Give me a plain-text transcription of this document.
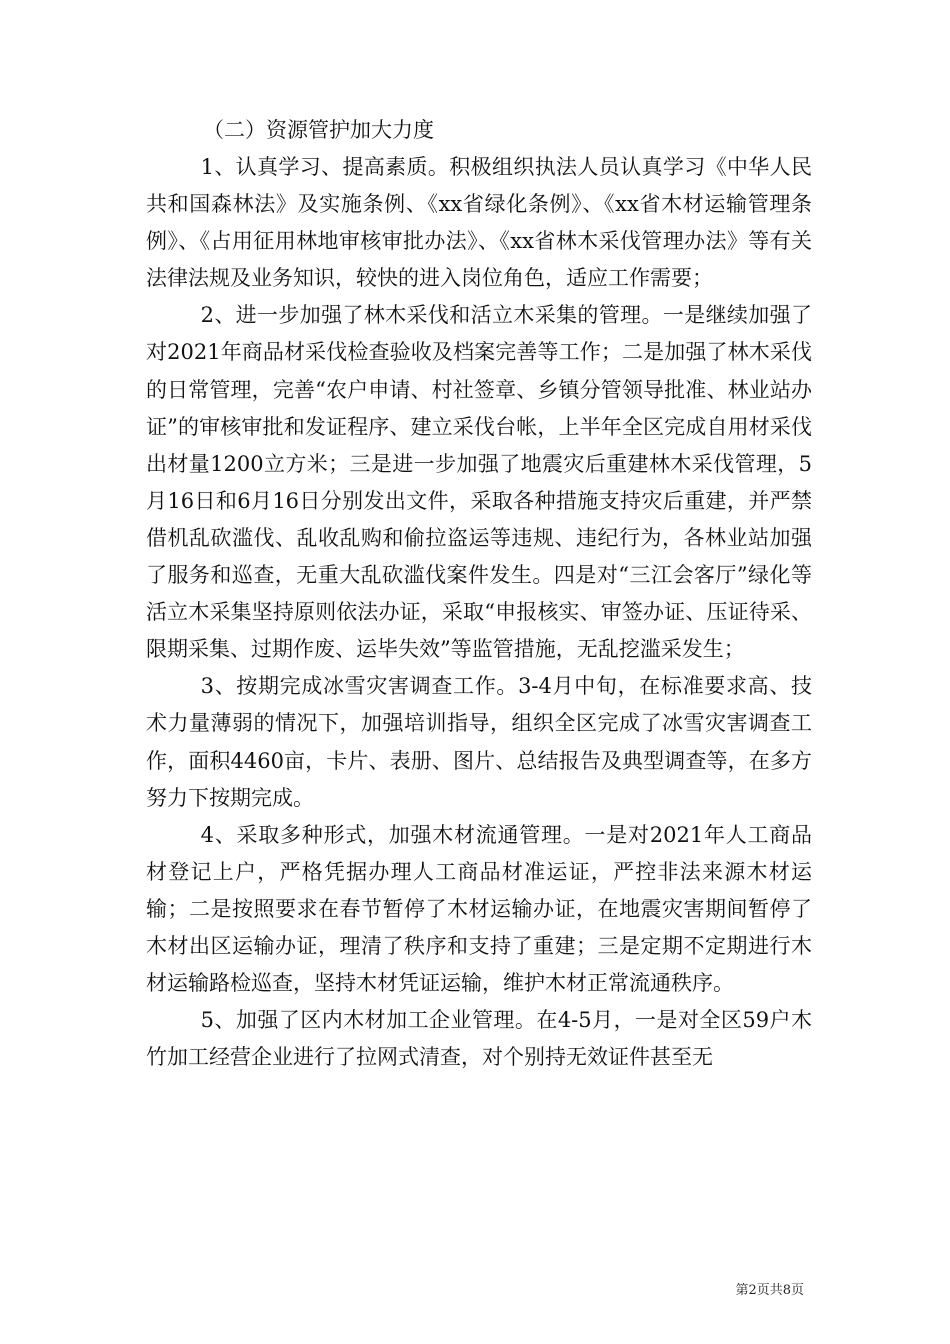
（二）资源管护加大力度

1、认真学习、提高素质。积极组织执法人员认真学习《中华人民共和国森林法》及实施条例、《xx省绿化条例》、《xx省木材运输管理条例》、《占用征用林地审核审批办法》、《xx省林木采伐管理办法》等有关法律法规及业务知识，较快的进入岗位角色，适应工作需要；

2、进一步加强了林木采伐和活立木采集的管理。一是继续加强了对2021年商品材采伐检查验收及档案完善等工作；二是加强了林木采伐的日常管理，完善“农户申请、村社签章、乡镇分管领导批准、林业站办证”的审核审批和发证程序、建立采伐台帐，上半年全区完成自用材采伐出材量1200立方米；三是进一步加强了地震灾后重建林木采伐管理，5月16日和6月16日分别发出文件，采取各种措施支持灾后重建，并严禁借机乱砍滥伐、乱收乱购和偷拉盗运等违规、违纪行为，各林业站加强了服务和巡查，无重大乱砍滥伐案件发生。四是对“三江会客厅”绿化等活立木采集坚持原则依法办证，采取“申报核实、审签办证、压证待采、限期采集、过期作废、运毕失效”等监管措施，无乱挖滥采发生；

3、按期完成冰雪灾害调查工作。3-4月中旬，在标准要求高、技术力量薄弱的情况下，加强培训指导，组织全区完成了冰雪灾害调查工作，面积4460亩，卡片、表册、图片、总结报告及典型调查等，在多方努力下按期完成。

4、采取多种形式，加强木材流通管理。一是对2021年人工商品材登记上户，严格凭据办理人工商品材准运证，严控非法来源木材运输；二是按照要求在春节暂停了木材运输办证，在地震灾害期间暂停了木材出区运输办证，理清了秩序和支持了重建；三是定期不定期进行木材运输路检巡查，坚持木材凭证运输，维护木材正常流通秩序。

5、加强了区内木材加工企业管理。在4-5月，一是对全区59户木竹加工经营企业进行了拉网式清查，对个别持无效证件甚至无

第2页共8页
